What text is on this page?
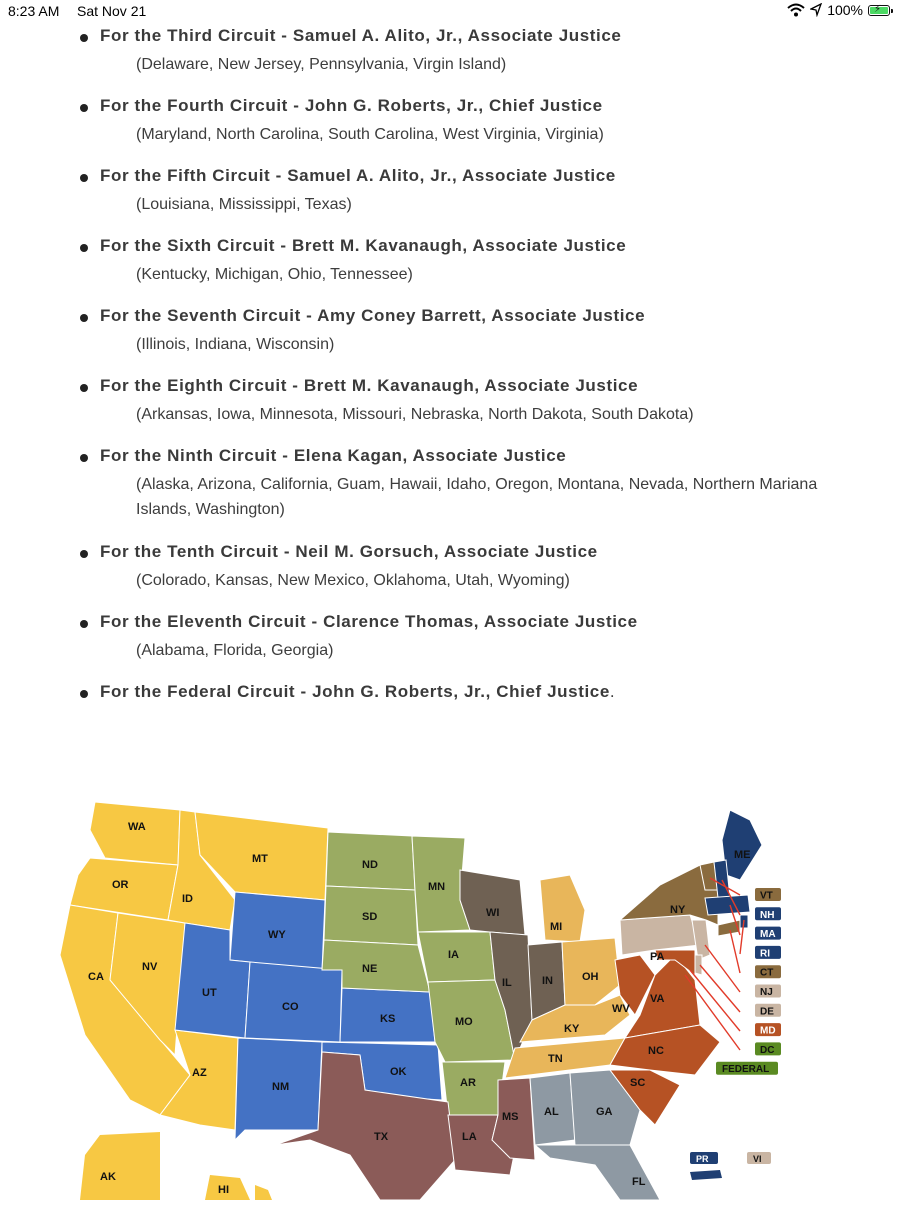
8:23 AM Sat Nov 21	100% ⚡
For the Third Circuit - Samuel A. Alito, Jr., Associate Justice
(Delaware, New Jersey, Pennsylvania, Virgin Island)
For the Fourth Circuit - John G. Roberts, Jr., Chief Justice
(Maryland, North Carolina, South Carolina, West Virginia, Virginia)
For the Fifth Circuit - Samuel A. Alito, Jr., Associate Justice
(Louisiana, Mississippi, Texas)
For the Sixth Circuit - Brett M. Kavanaugh, Associate Justice
(Kentucky, Michigan, Ohio, Tennessee)
For the Seventh Circuit - Amy Coney Barrett, Associate Justice
(Illinois, Indiana, Wisconsin)
For the Eighth Circuit - Brett M. Kavanaugh, Associate Justice
(Arkansas, Iowa, Minnesota, Missouri, Nebraska, North Dakota, South Dakota)
For the Ninth Circuit - Elena Kagan, Associate Justice
(Alaska, Arizona, California, Guam, Hawaii, Idaho, Oregon, Montana, Nevada, Northern Mariana Islands, Washington)
For the Tenth Circuit - Neil M. Gorsuch, Associate Justice
(Colorado, Kansas, New Mexico, Oklahoma, Utah, Wyoming)
For the Eleventh Circuit - Clarence Thomas, Associate Justice
(Alabama, Florida, Georgia)
For the Federal Circuit - John G. Roberts, Jr., Chief Justice.
VT
NH
MA
RI
CT
NJ
DE
MD
DC
FEDERAL
WA
OR
CA
ID
NV
MT
WY
UT
AZ
CO
NM
ND
SD
NE
KS
OK
TX
MN
IA
MO
AR
LA
WI
IL
MI
IN	OH
KY
TN
MS AL	GA
FL
SC
NC
VA
WV
PA
NY
ME
AK
HI
PR	VI
